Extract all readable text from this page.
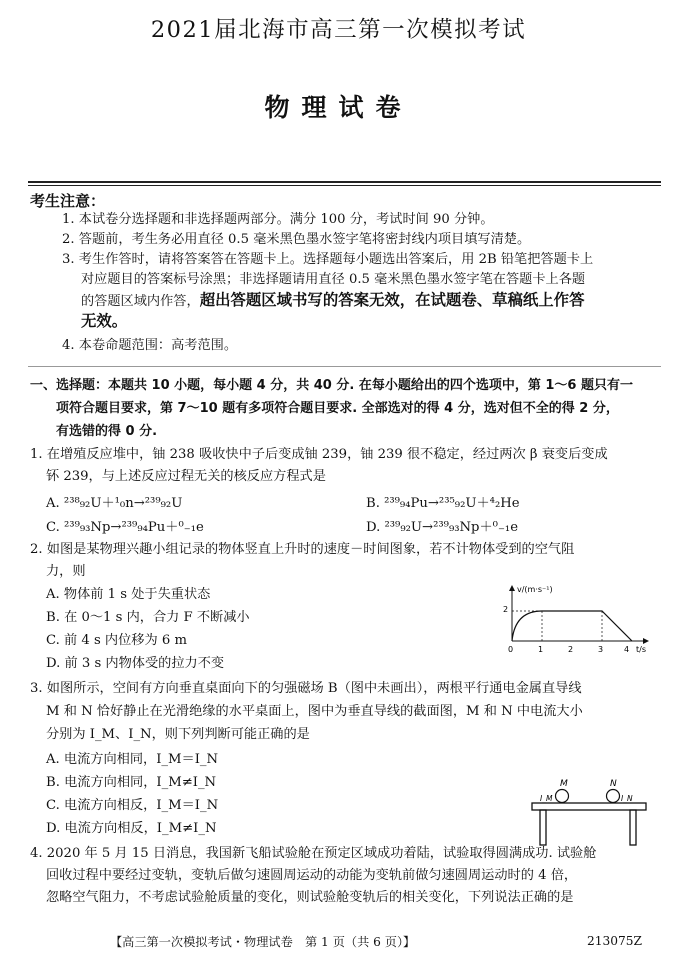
2021届北海市高三第一次模拟考试
物理试卷
考生注意：
1. 本试卷分选择题和非选择题两部分。满分 100 分，考试时间 90 分钟。
2. 答题前，考生务必用直径 0.5 毫米黑色墨水签字笔将密封线内项目填写清楚。
3. 考生作答时，请将答案答在答题卡上。选择题每小题选出答案后，用 2B 铅笔把答题卡上
对应题目的答案标号涂黑；非选择题请用直径 0.5 毫米黑色墨水签字笔在答题卡上各题
的答题区域内作答，超出答题区域书写的答案无效，在试题卷、草稿纸上作答
无效。
4. 本卷命题范围：高考范围。
一、选择题：本题共 10 小题，每小题 4 分，共 40 分. 在每小题给出的四个选项中，第 1～6 题只有一
项符合题目要求，第 7～10 题有多项符合题目要求. 全部选对的得 4 分，选对但不全的得 2 分，
有选错的得 0 分.
1. 在增殖反应堆中，铀 238 吸收快中子后变成铀 239，铀 239 很不稳定，经过两次 β 衰变后变成
钚 239，与上述反应过程无关的核反应方程式是
A. ²³⁸₉₂U＋¹₀n→²³⁹₉₂U	B. ²³⁹₉₄Pu→²³⁵₉₂U＋⁴₂He
C. ²³⁹₉₃Np→²³⁹₉₄Pu＋⁰₋₁e	D. ²³⁹₉₂U→²³⁹₉₃Np＋⁰₋₁e
2. 如图是某物理兴趣小组记录的物体竖直上升时的速度－时间图象，若不计物体受到的空气阻
力，则
A. 物体前 1 s 处于失重状态
B. 在 0～1 s 内，合力 F 不断减小
C. 前 4 s 内位移为 6 m
D. 前 3 s 内物体受的拉力不变
v/(m·s⁻¹)
t/s
0	1	2	3	4
2
3. 如图所示，空间有方向垂直桌面向下的匀强磁场 B（图中未画出），两根平行通电金属直导线
M 和 N 恰好静止在光滑绝缘的水平桌面上，图中为垂直导线的截面图，M 和 N 中电流大小
分别为 I_M、I_N，则下列判断可能正确的是
A. 电流方向相同，I_M＝I_N
B. 电流方向相同，I_M≠I_N
C. 电流方向相反，I_M＝I_N
D. 电流方向相反，I_M≠I_N
M	N
I_M	I_N
4. 2020 年 5 月 15 日消息，我国新飞船试验舱在预定区域成功着陆，试验取得圆满成功. 试验舱
回收过程中要经过变轨，变轨后做匀速圆周运动的动能为变轨前做匀速圆周运动时的 4 倍，
忽略空气阻力，不考虑试验舱质量的变化，则试验舱变轨后的相关变化，下列说法正确的是
【高三第一次模拟考试・物理试卷　第 1 页（共 6 页）】	213075Z
